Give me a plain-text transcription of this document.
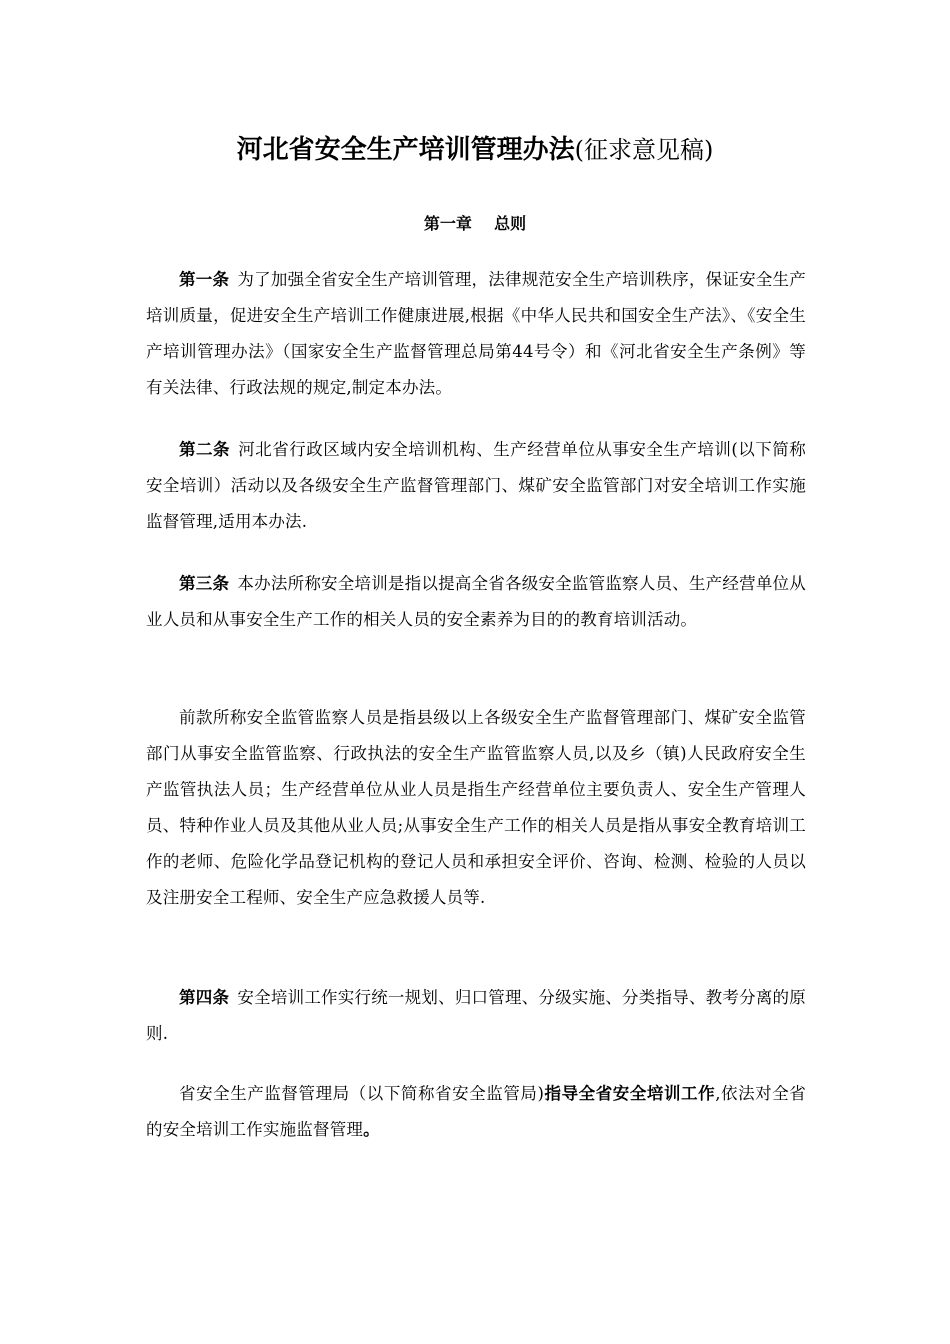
河北省安全生产培训管理办法(征求意见稿)
第一章    总则

第一条 为了加强全省安全生产培训管理，法律规范安全生产培训秩序，保证安全生产培训质量，促进安全生产培训工作健康进展,根据《中华人民共和国安全生产法》、《安全生产培训管理办法》（国家安全生产监督管理总局第44号令）和《河北省安全生产条例》等有关法律、行政法规的规定,制定本办法。

第二条 河北省行政区域内安全培训机构、生产经营单位从事安全生产培训(以下简称安全培训）活动以及各级安全生产监督管理部门、煤矿安全监管部门对安全培训工作实施监督管理,适用本办法.

第三条 本办法所称安全培训是指以提高全省各级安全监管监察人员、生产经营单位从业人员和从事安全生产工作的相关人员的安全素养为目的的教育培训活动。

前款所称安全监管监察人员是指县级以上各级安全生产监督管理部门、煤矿安全监管部门从事安全监管监察、行政执法的安全生产监管监察人员,以及乡（镇)人民政府安全生产监管执法人员；生产经营单位从业人员是指生产经营单位主要负责人、安全生产管理人员、特种作业人员及其他从业人员;从事安全生产工作的相关人员是指从事安全教育培训工作的老师、危险化学品登记机构的登记人员和承担安全评价、咨询、检测、检验的人员以及注册安全工程师、安全生产应急救援人员等.

第四条 安全培训工作实行统一规划、归口管理、分级实施、分类指导、教考分离的原则.

省安全生产监督管理局（以下简称省安全监管局)指导全省安全培训工作,依法对全省的安全培训工作实施监督管理。
